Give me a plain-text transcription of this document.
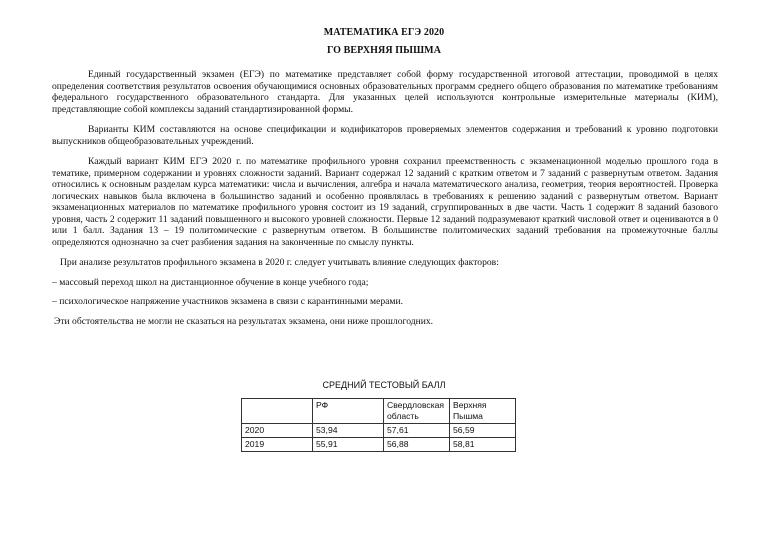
МАТЕМАТИКА ЕГЭ 2020
ГО ВЕРХНЯЯ ПЫШМА

Единый государственный экзамен (ЕГЭ) по математике представляет собой форму государственной итоговой аттестации, проводимой в целях определения соответствия результатов освоения обучающимися основных образовательных программ среднего общего образования по математике требованиям федерального государственного образовательного стандарта. Для указанных целей используются контрольные измерительные материалы (КИМ), представляющие собой комплексы заданий стандартизированной формы.

Варианты КИМ составляются на основе спецификации и кодификаторов проверяемых элементов содержания и требований к уровню подготовки выпускников общеобразовательных учреждений.

Каждый вариант КИМ ЕГЭ 2020 г. по математике профильного уровня сохранил преемственность с экзаменационной моделью прошлого года в тематике, примерном содержании и уровнях сложности заданий. Вариант содержал 12 заданий с кратким ответом и 7 заданий с развернутым ответом. Задания относились к основным разделам курса математики: числа и вычисления, алгебра и начала математического анализа, геометрия, теория вероятностей. Проверка логических навыков была включена в большинство заданий и особенно проявлялась в требованиях к решению заданий с развернутым ответом. Вариант экзаменационных материалов по математике профильного уровня состоит из 19 заданий, сгруппированных в две части. Часть 1 содержит 8 заданий базового уровня, часть 2 содержит 11 заданий повышенного и высокого уровней сложности. Первые 12 заданий подразумевают краткий числовой ответ и оцениваются в 0 или 1 балл. Задания 13 – 19 политомические с развернутым ответом. В большинстве политомических заданий требования на промежуточные баллы определяются однозначно за счет разбиения задания на законченные по смыслу пункты.

При анализе результатов профильного экзамена в 2020 г. следует учитывать влияние следующих факторов:

– массовый переход школ на дистанционное обучение в конце учебного года;

– психологическое напряжение участников экзамена в связи с карантинными мерами.

Эти обстоятельства не могли не сказаться на результатах экзамена, они ниже прошлогодних.

СРЕДНИЙ ТЕСТОВЫЙ БАЛЛ
	РФ	Свердловская область	Верхняя Пышма
2020	53,94	57,61	56,59
2019	55,91	56,88	58,81
